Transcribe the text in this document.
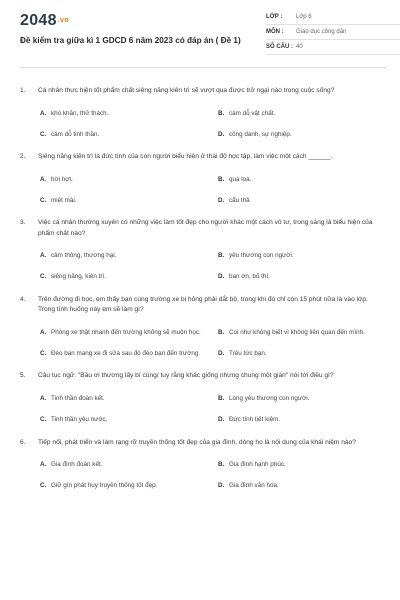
2048.vn
Đề kiểm tra giữa kì 1 GDCD 6 năm 2023 có đáp án ( Đề 1)
LỚP :	Lớp 6
MÔN :	Giáo dục công dân
SỐ CÂU : 40
1.	Cá nhân thực hiện tốt phẩm chất siêng năng kiên trì sẽ vượt qua được trở ngại nào trong cuộc sống?
A. khó khăn, thử thách.	B. cám dỗ vật chất.
C. cám dỗ tinh thần.	D. công danh, sự nghiệp.
2.	Siêng năng kiên trì là đức tính của con người biểu hiện ở thái độ học tập, làm việc một cách ______.
A. hời hợt.	B. qua loa.
C. miệt mài.	D. cẩu thả
3.	Việc cá nhân thường xuyên có những việc làm tốt đẹp cho người khác một cách vô tư, trong sáng là biểu hiện của phẩm chất nào?
A. cảm thông, thương hại.	B. yêu thương con người.
C. siêng năng, kiên trì.	D. ban ơn, bố thí.
4.	Trên đường đi học, em thấy bạn cùng trường xe bị hỏng phải dắt bộ, trong khi đó chỉ còn 15 phút nữa là vào lớp. Trong tình huống này em sẽ làm gì?
A. Phóng xe thật nhanh đến trường không sẽ muộn học.	B. Coi như không biết vì không liên quan đến mình.
C. Đèo bạn mang xe đi sửa sau đó đèo bạn đến trường.	D. Trêu tức bạn.
5.	Câu tục ngữ: "Bầu ơi thương lấy bí cùng/ tuy rằng khác giống nhưng chung một giàn" nói tới điều gì?
A. Tinh thần đoàn kết.	B. Lòng yêu thương con người.
C. Tinh thần yêu nước.	D. Đức tính tiết kiệm.
6.	Tiếp nối, phát triển và làm rạng rỡ truyền thống tốt đẹp của gia đình, dòng họ là nội dung của khái niệm nào?
A. Gia đình đoàn kết.	B. Gia đình hạnh phúc.
C. Giữ gìn phát huy truyền thống tốt đẹp.	D. Gia đình văn hóa.
